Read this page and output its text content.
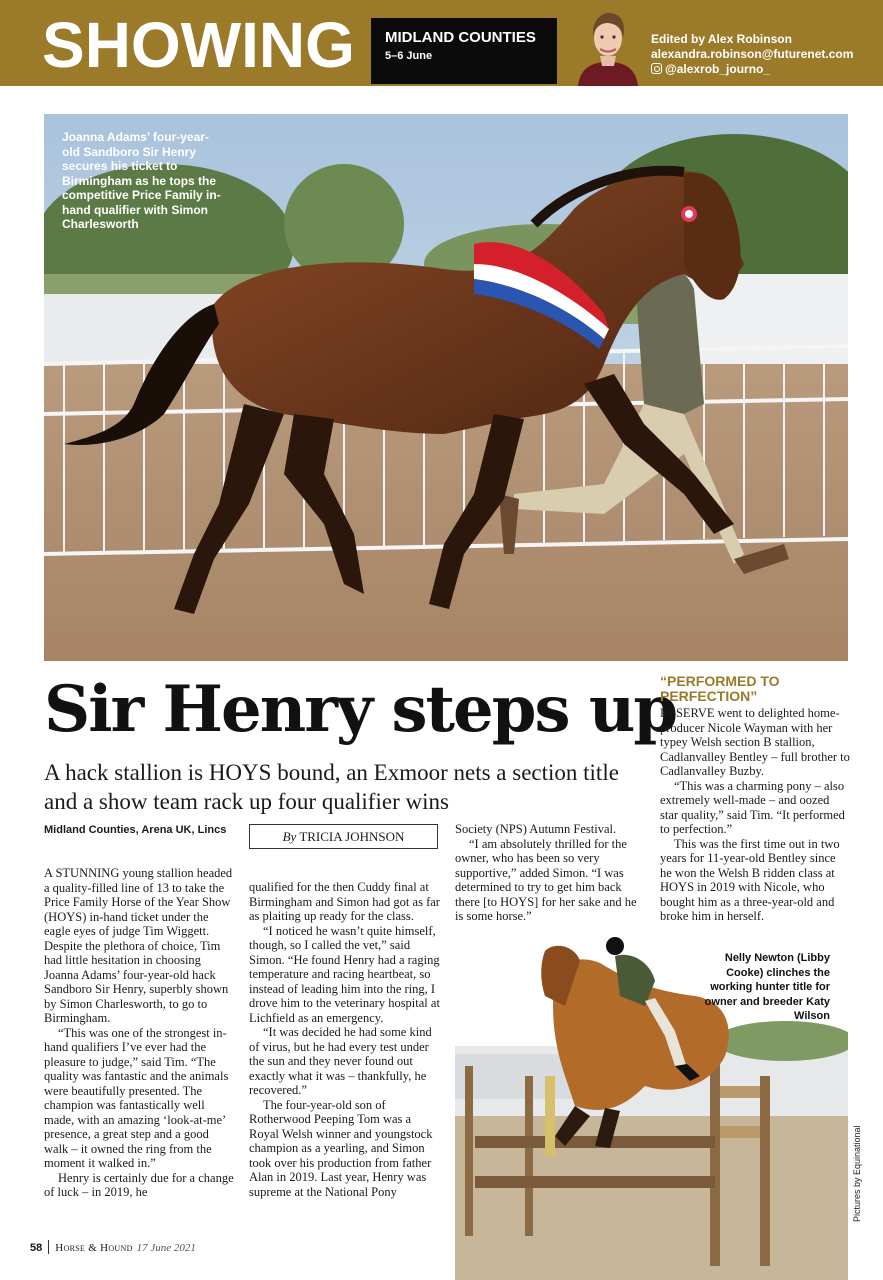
SHOWING MIDLAND COUNTIES
5–6 June
Edited by Alex Robinson
alexandra.robinson@futurenet.com
@alexrob_journo_
Joanna Adams’ four-year-old Sandboro Sir Henry secures his ticket to Birmingham as he tops the competitive Price Family in-hand qualifier with Simon Charlesworth
Sir Henry steps up
A hack stallion is HOYS bound, an Exmoor nets a section title and a show team rack up four qualifier wins
“PERFORMED TO PERFECTION”

RESERVE went to delighted home-producer Nicole Wayman with her typey Welsh section B stallion, Cadlanvalley Bentley – full brother to Cadlanvalley Buzby.

“This was a charming pony – also extremely well-made – and oozed star quality,” said Tim. “It performed to perfection.”

This was the first time out in two years for 11-year-old Bentley since he won the Welsh B ridden class at HOYS in 2019 with Nicole, who bought him as a three-year-old and broke him in herself.

Midland Counties, Arena UK, Lincs	By TRICIA JOHNSON

A STUNNING young stallion headed a quality-filled line of 13 to take the Price Family Horse of the Year Show (HOYS) in-hand ticket under the eagle eyes of judge Tim Wiggett. Despite the plethora of choice, Tim had little hesitation in choosing Joanna Adams’ four-year-old hack Sandboro Sir Henry, superbly shown by Simon Charlesworth, to go to Birmingham.

“This was one of the strongest in-hand qualifiers I’ve ever had the pleasure to judge,” said Tim. “The quality was fantastic and the animals were beautifully presented. The champion was fantastically well made, with an amazing ‘look-at-me’ presence, a great step and a good walk – it owned the ring from the moment it walked in.”

Henry is certainly due for a change of luck – in 2019, he

qualified for the then Cuddy final at Birmingham and Simon had got as far as plaiting up ready for the class.

“I noticed he wasn’t quite himself, though, so I called the vet,” said Simon. “He found Henry had a raging temperature and racing heartbeat, so instead of leading him into the ring, I drove him to the veterinary hospital at Lichfield as an emergency.

“It was decided he had some kind of virus, but he had every test under the sun and they never found out exactly what it was – thankfully, he recovered.”

The four-year-old son of Rotherwood Peeping Tom was a Royal Welsh winner and youngstock champion as a yearling, and Simon took over his production from father Alan in 2019. Last year, Henry was supreme at the National Pony

Society (NPS) Autumn Festival.

“I am absolutely thrilled for the owner, who has been so very supportive,” added Simon. “I was determined to try to get him back there [to HOYS] for her sake and he is some horse.”

Nelly Newton (Libby Cooke) clinches the working hunter title for owner and breeder Katy Wilson
Pictures by Equinational
58 Horse & Hound 17 June 2021
